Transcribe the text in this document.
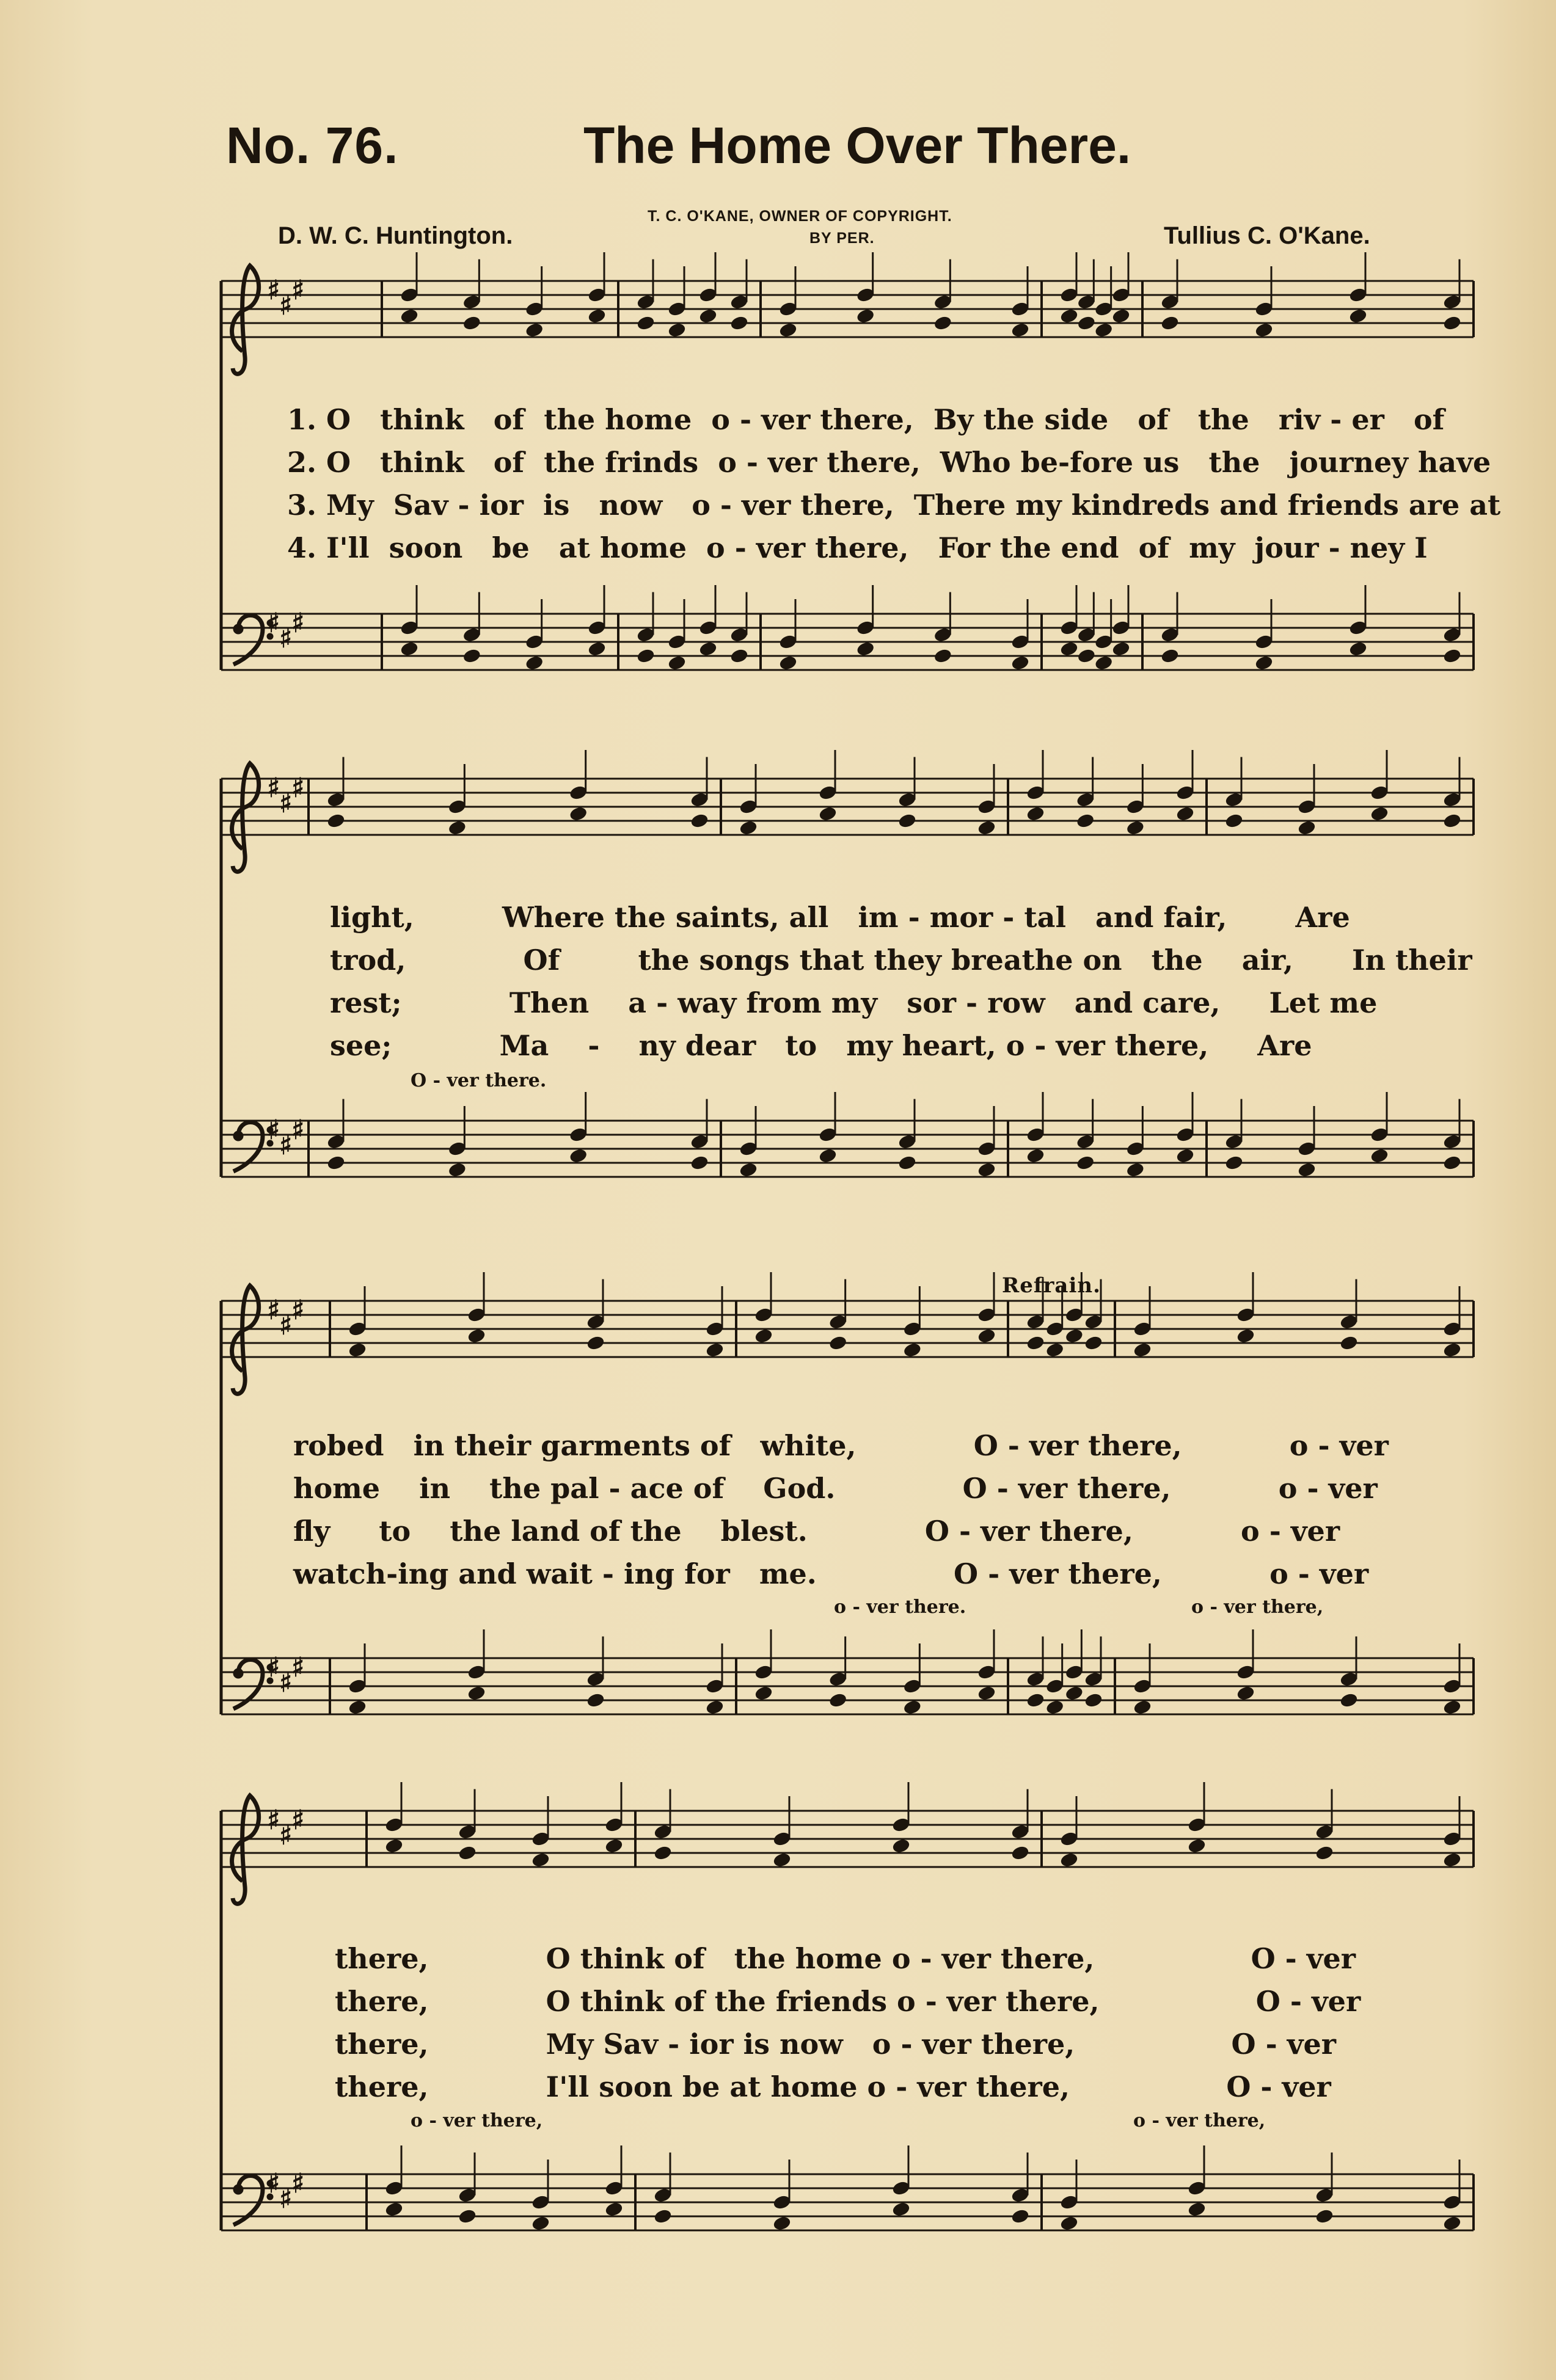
No. 76.	The Home Over There.
D. W. C. Huntington.
T. C. O'KANE, OWNER OF COPYRIGHT.
BY PER.	Tullius C. O'Kane.
♯
♯
♯
♯
♯
♯
♯
♯
♯
♯
♯
♯
♯
♯
♯
♯
♯
♯
♯
♯
♯
♯
♯
♯
1. O think of the home o - ver there, By the side of the riv - er of
2. O think of the frinds o - ver there, Who be-fore us the journey have
3. My Sav - ior is now o - ver there, There my kindreds and friends are at
4. I'll soon be at home o - ver there, For the end of my jour - ney I
light,	Where the saints, all im - mor - tal and fair, Are
trod,	Of	the songs that they breathe on the air, In their
rest;	Then a - way from my sor - row and care, Let me
see;	Ma - ny dear to my heart, o - ver there, Are
O - ver there.
Refrain.
robed in their garments of white,	O - ver there,	o - ver
home in the pal - ace of God.	O - ver there,	o - ver
fly to the land of the blest.	O - ver there,	o - ver
watch-ing and wait - ing for me.	O - ver there,	o - ver
o - ver there.	o - ver there,
there,	O think of the home o - ver there,	O - ver
there,	O think of the friends o - ver there,	O - ver
there,	My Sav - ior is now o - ver there,	O - ver
there,	I'll soon be at home o - ver there,	O - ver
o - ver there,	o - ver there,
